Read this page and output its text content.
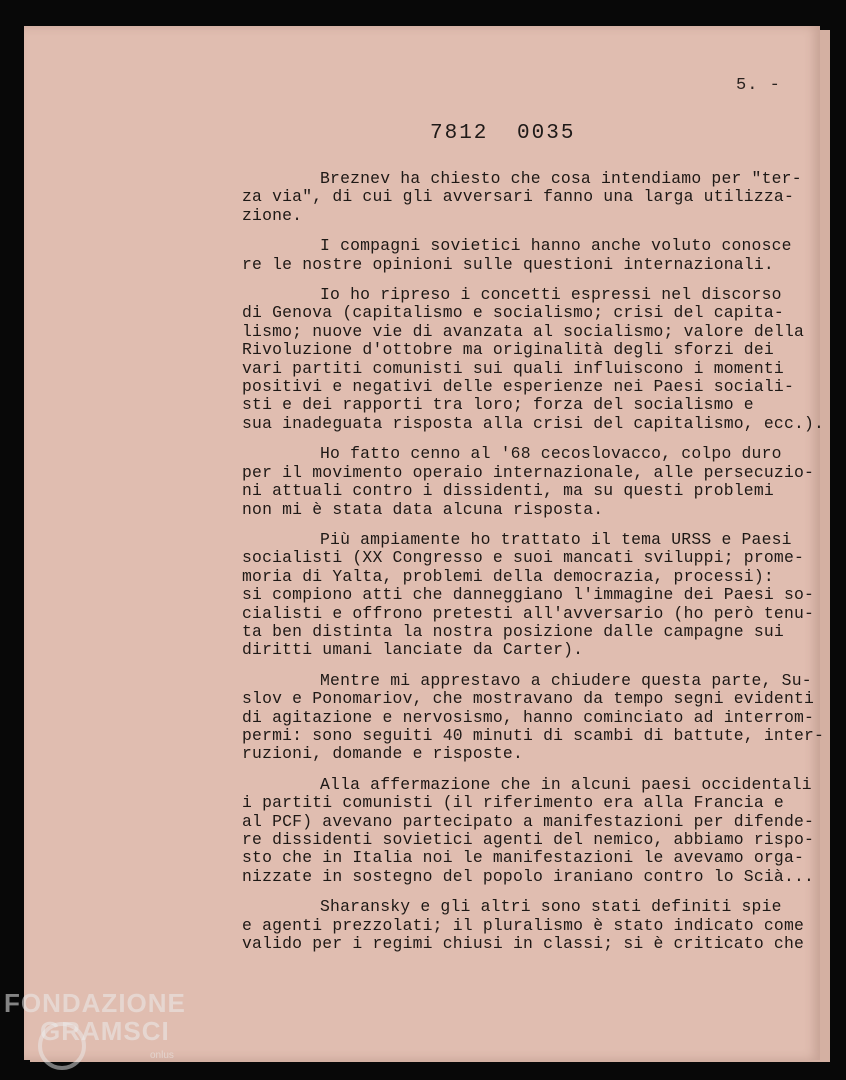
5. -
7812 0035
Breznev ha chiesto che cosa intendiamo per "ter-
za via", di cui gli avversari fanno una larga utilizza-
zione.
I compagni sovietici hanno anche voluto conosce
re le nostre opinioni sulle questioni internazionali.
Io ho ripreso i concetti espressi nel discorso
di Genova (capitalismo e socialismo; crisi del capita-
lismo; nuove vie di avanzata al socialismo; valore della
Rivoluzione d'ottobre ma originalità degli sforzi dei
vari partiti comunisti sui quali influiscono i momenti
positivi e negativi delle esperienze nei Paesi sociali-
sti e dei rapporti tra loro; forza del socialismo e
sua inadeguata risposta alla crisi del capitalismo, ecc.).
Ho fatto cenno al '68 cecoslovacco, colpo duro
per il movimento operaio internazionale, alle persecuzio-
ni attuali contro i dissidenti, ma su questi problemi
non mi è stata data alcuna risposta.
Più ampiamente ho trattato il tema URSS e Paesi
socialisti (XX Congresso e suoi mancati sviluppi; prome-
moria di Yalta, problemi della democrazia, processi):
si compiono atti che danneggiano l'immagine dei Paesi so-
cialisti e offrono pretesti all'avversario (ho però tenu-
ta ben distinta la nostra posizione dalle campagne sui
diritti umani lanciate da Carter).
Mentre mi apprestavo a chiudere questa parte, Su-
slov e Ponomariov, che mostravano da tempo segni evidenti
di agitazione e nervosismo, hanno cominciato ad interrom-
permi: sono seguiti 40 minuti di scambi di battute, inter-
ruzioni, domande e risposte.
Alla affermazione che in alcuni paesi occidentali
i partiti comunisti (il riferimento era alla Francia e
al PCF) avevano partecipato a manifestazioni per difende-
re dissidenti sovietici agenti del nemico, abbiamo rispo-
sto che in Italia noi le manifestazioni le avevamo orga-
nizzate in sostegno del popolo iraniano contro lo Scià...
Sharansky e gli altri sono stati definiti spie
e agenti prezzolati; il pluralismo è stato indicato come
valido per i regimi chiusi in classi; si è criticato che
FONDAZIONE
GRAMSCI
onlus
